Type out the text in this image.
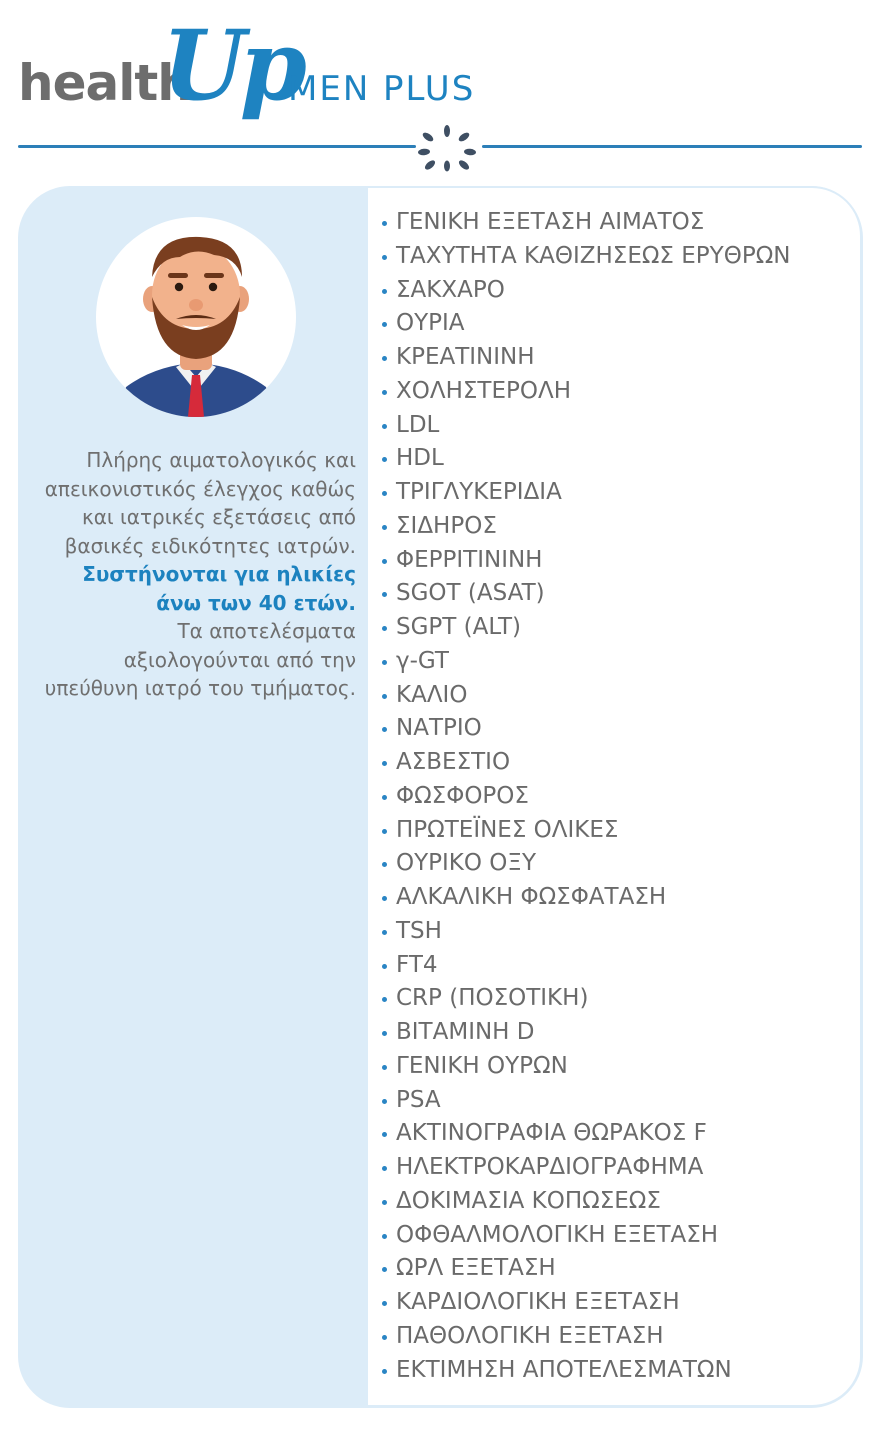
health
Up
MEN PLUS

Πλήρης αιματολογικός και απεικονιστικός έλεγχος καθώς και ιατρικές εξετάσεις από βασικές ειδικότητες ιατρών.

Συστήνονται για ηλικίες άνω των 40 ετών.

Τα αποτελέσματα αξιολογούνται από την υπεύθυνη ιατρό του τμήματος.

ΓΕΝΙΚΗ ΕΞΕΤΑΣΗ ΑΙΜΑΤΟΣ
ΤΑΧΥΤΗΤΑ ΚΑΘΙΖΗΣΕΩΣ ΕΡΥΘΡΩΝ
ΣΑΚΧΑΡΟ
ΟΥΡΙΑ
ΚΡΕΑΤΙΝΙΝΗ
ΧΟΛΗΣΤΕΡΟΛΗ
LDL
HDL
ΤΡΙΓΛΥΚΕΡΙΔΙΑ
ΣΙΔΗΡΟΣ
ΦΕΡΡΙΤΙΝΙΝΗ
SGOT (ASAT)
SGPT (ALT)
γ-GT
ΚΑΛΙΟ
ΝΑΤΡΙΟ
ΑΣΒΕΣΤΙΟ
ΦΩΣΦΟΡΟΣ
ΠΡΩΤΕΪΝΕΣ ΟΛΙΚΕΣ
ΟΥΡΙΚΟ ΟΞΥ
ΑΛΚΑΛΙΚΗ ΦΩΣΦΑΤΑΣΗ
TSH
FT4
CRP (ΠΟΣΟΤΙΚΗ)
ΒΙΤΑΜΙΝΗ D
ΓΕΝΙΚΗ ΟΥΡΩΝ
PSA
ΑΚΤΙΝΟΓΡΑΦΙΑ ΘΩΡΑΚΟΣ F
ΗΛΕΚΤΡΟΚΑΡΔΙΟΓΡΑΦΗΜΑ
ΔΟΚΙΜΑΣΙΑ ΚΟΠΩΣΕΩΣ
ΟΦΘΑΛΜΟΛΟΓΙΚΗ ΕΞΕΤΑΣΗ
ΩΡΛ ΕΞΕΤΑΣΗ
ΚΑΡΔΙΟΛΟΓΙΚΗ ΕΞΕΤΑΣΗ
ΠΑΘΟΛΟΓΙΚΗ ΕΞΕΤΑΣΗ
ΕΚΤΙΜΗΣΗ ΑΠΟΤΕΛΕΣΜΑΤΩΝ
